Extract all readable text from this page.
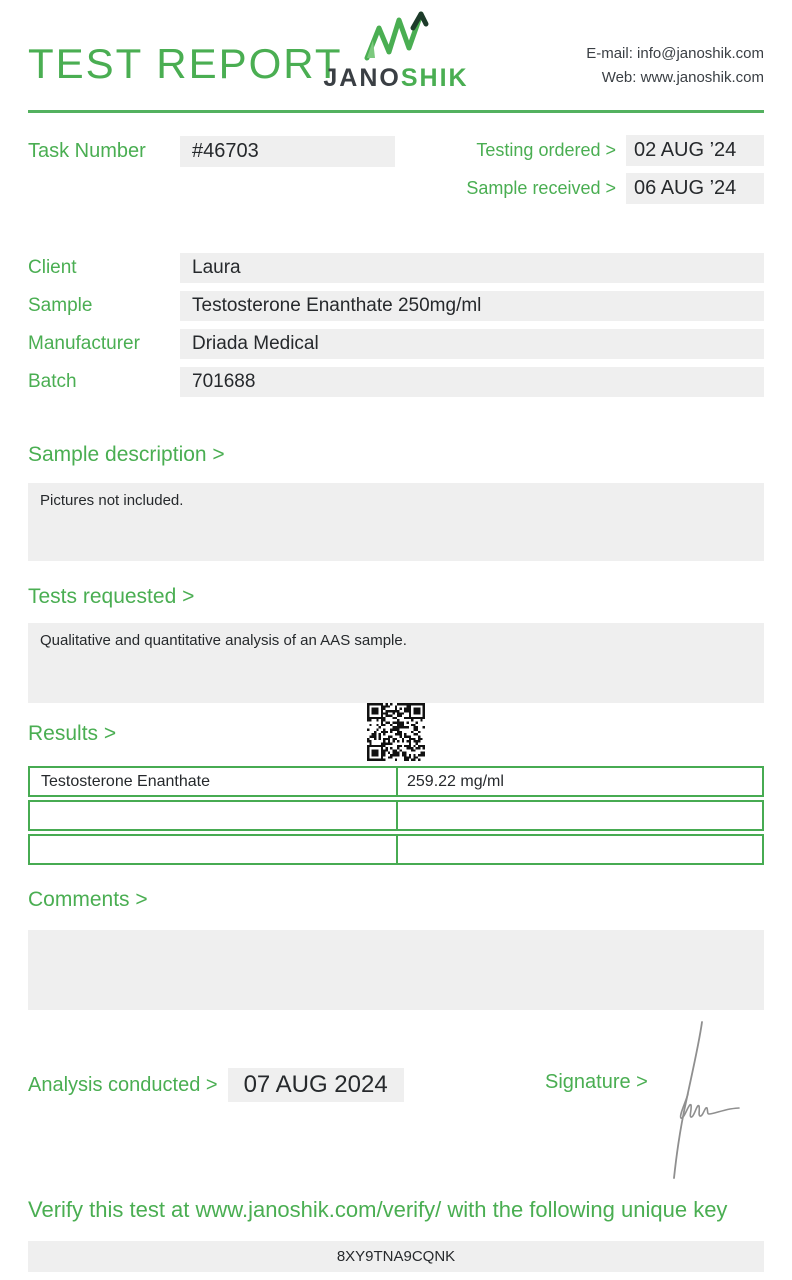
TEST REPORT
JANOSHIK
E-mail: info@janoshik.com
Web: www.janoshik.com
Task Number	#46703	Testing ordered > 02 AUG ’24
Sample received > 06 AUG ’24
Client	Laura
Sample	Testosterone Enanthate 250mg/ml
Manufacturer	Driada Medical
Batch	701688
Sample description >
Pictures not included.
Tests requested >
Qualitative and quantitative analysis of an AAS sample.
Results >
Testosterone Enanthate	259.22 mg/ml
Comments >
Analysis conducted >	07 AUG 2024	Signature >
Verify this test at www.janoshik.com/verify/ with the following unique key
8XY9TNA9CQNK
